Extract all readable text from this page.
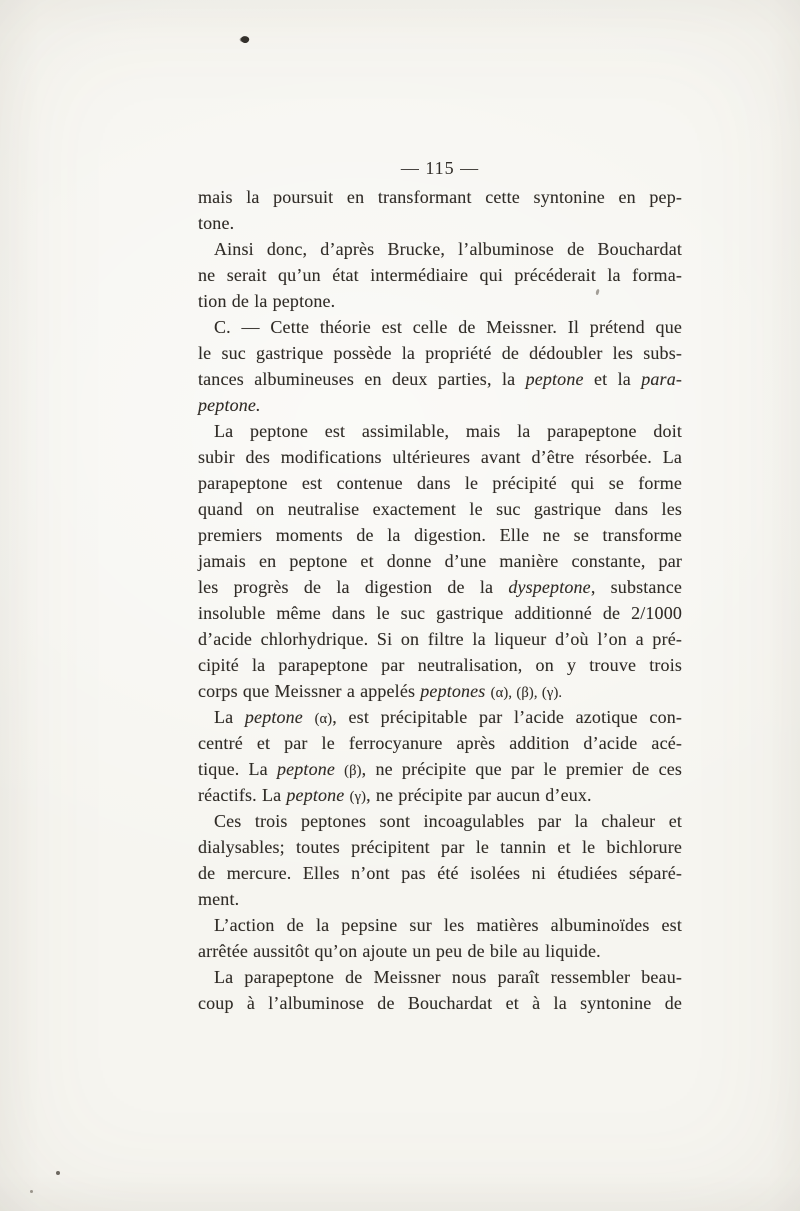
— 115 —
mais la poursuit en transformant cette syntonine en pep-
tone.
Ainsi donc, d’après Brucke, l’albuminose de Bouchardat
ne serait qu’un état intermédiaire qui précéderait la forma-
tion de la peptone.
C. — Cette théorie est celle de Meissner. Il prétend que
le suc gastrique possède la propriété de dédoubler les subs-
tances albumineuses en deux parties, la peptone et la para-
peptone.
La peptone est assimilable, mais la parapeptone doit
subir des modifications ultérieures avant d’être résorbée. La
parapeptone est contenue dans le précipité qui se forme
quand on neutralise exactement le suc gastrique dans les
premiers moments de la digestion. Elle ne se transforme
jamais en peptone et donne d’une manière constante, par
les progrès de la digestion de la dyspeptone, substance
insoluble même dans le suc gastrique additionné de 2/1000
d’acide chlorhydrique. Si on filtre la liqueur d’où l’on a pré-
cipité la parapeptone par neutralisation, on y trouve trois
corps que Meissner a appelés peptones (α), (β), (γ).
La peptone (α), est précipitable par l’acide azotique con-
centré et par le ferrocyanure après addition d’acide acé-
tique. La peptone (β), ne précipite que par le premier de ces
réactifs. La peptone (γ), ne précipite par aucun d’eux.
Ces trois peptones sont incoagulables par la chaleur et
dialysables; toutes précipitent par le tannin et le bichlorure
de mercure. Elles n’ont pas été isolées ni étudiées séparé-
ment.
L’action de la pepsine sur les matières albuminoïdes est
arrêtée aussitôt qu’on ajoute un peu de bile au liquide.
La parapeptone de Meissner nous paraît ressembler beau-
coup à l’albuminose de Bouchardat et à la syntonine de
